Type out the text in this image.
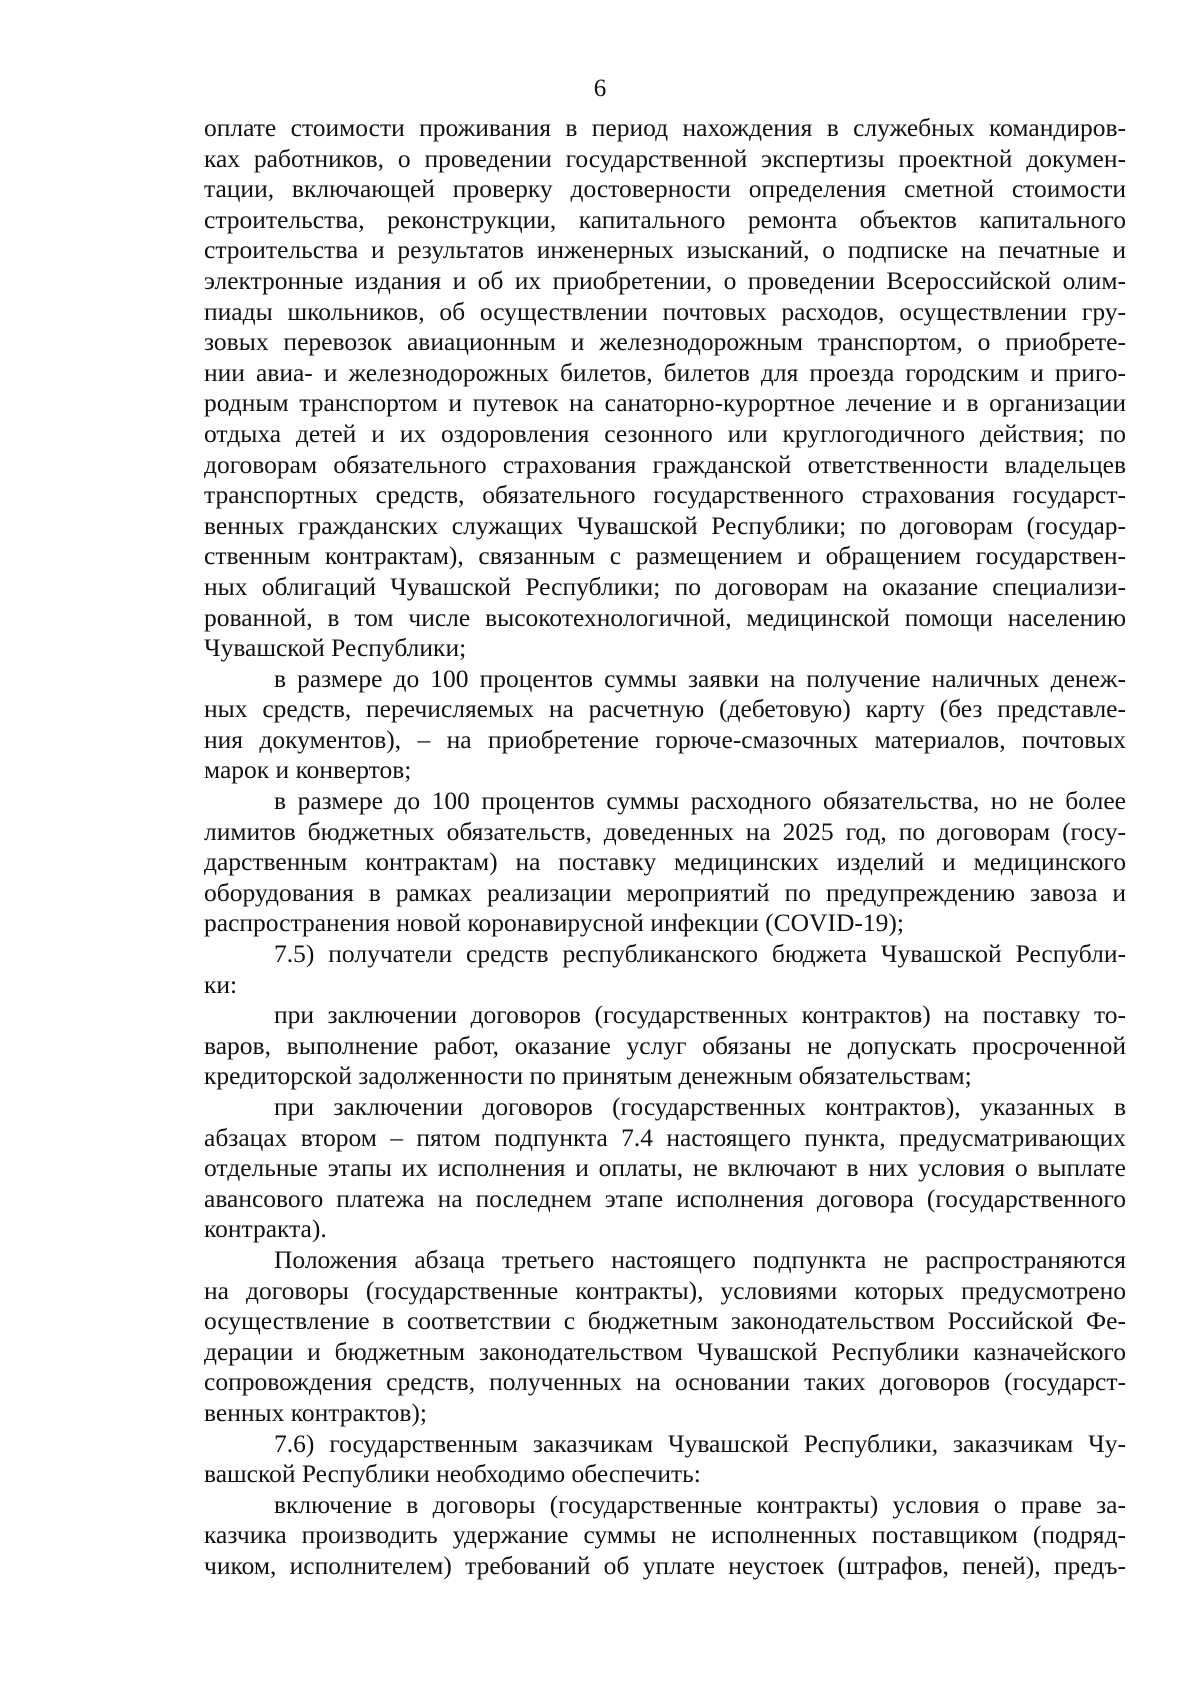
6

оплате стоимости проживания в период нахождения в служебных командиров-
ках работников, о проведении государственной экспертизы проектной докумен-
тации, включающей проверку достоверности определения сметной стоимости
строительства, реконструкции, капитального ремонта объектов капитального
строительства и результатов инженерных изысканий, о подписке на печатные и
электронные издания и об их приобретении, о проведении Всероссийской олим-
пиады школьников, об осуществлении почтовых расходов, осуществлении гру-
зовых перевозок авиационным и железнодорожным транспортом, о приобрете-
нии авиа- и железнодорожных билетов, билетов для проезда городским и приго-
родным транспортом и путевок на санаторно-курортное лечение и в организации
отдыха детей и их оздоровления сезонного или круглогодичного действия; по
договорам обязательного страхования гражданской ответственности владельцев
транспортных средств, обязательного государственного страхования государст-
венных гражданских служащих Чувашской Республики; по договорам (государ-
ственным контрактам), связанным с размещением и обращением государствен-
ных облигаций Чувашской Республики; по договорам на оказание специализи-
рованной, в том числе высокотехнологичной, медицинской помощи населению
Чувашской Республики;

в размере до 100 процентов суммы заявки на получение наличных денеж-
ных средств, перечисляемых на расчетную (дебетовую) карту (без представле-
ния документов), – на приобретение горюче-смазочных материалов, почтовых
марок и конвертов;

в размере до 100 процентов суммы расходного обязательства, но не более
лимитов бюджетных обязательств, доведенных на 2025 год, по договорам (госу-
дарственным контрактам) на поставку медицинских изделий и медицинского
оборудования в рамках реализации мероприятий по предупреждению завоза и
распространения новой коронавирусной инфекции (COVID-19);

7.5) получатели средств республиканского бюджета Чувашской Республи-
ки:

при заключении договоров (государственных контрактов) на поставку то-
варов, выполнение работ, оказание услуг обязаны не допускать просроченной
кредиторской задолженности по принятым денежным обязательствам;

при заключении договоров (государственных контрактов), указанных в
абзацах втором – пятом подпункта 7.4 настоящего пункта, предусматривающих
отдельные этапы их исполнения и оплаты, не включают в них условия о выплате
авансового платежа на последнем этапе исполнения договора (государственного
контракта).

Положения абзаца третьего настоящего подпункта не распространяются
на договоры (государственные контракты), условиями которых предусмотрено
осуществление в соответствии с бюджетным законодательством Российской Фе-
дерации и бюджетным законодательством Чувашской Республики казначейского
сопровождения средств, полученных на основании таких договоров (государст-
венных контрактов);

7.6) государственным заказчикам Чувашской Республики, заказчикам Чу-
вашской Республики необходимо обеспечить:

включение в договоры (государственные контракты) условия о праве за-
казчика производить удержание суммы не исполненных поставщиком (подряд-
чиком, исполнителем) требований об уплате неустоек (штрафов, пеней), предъ-
